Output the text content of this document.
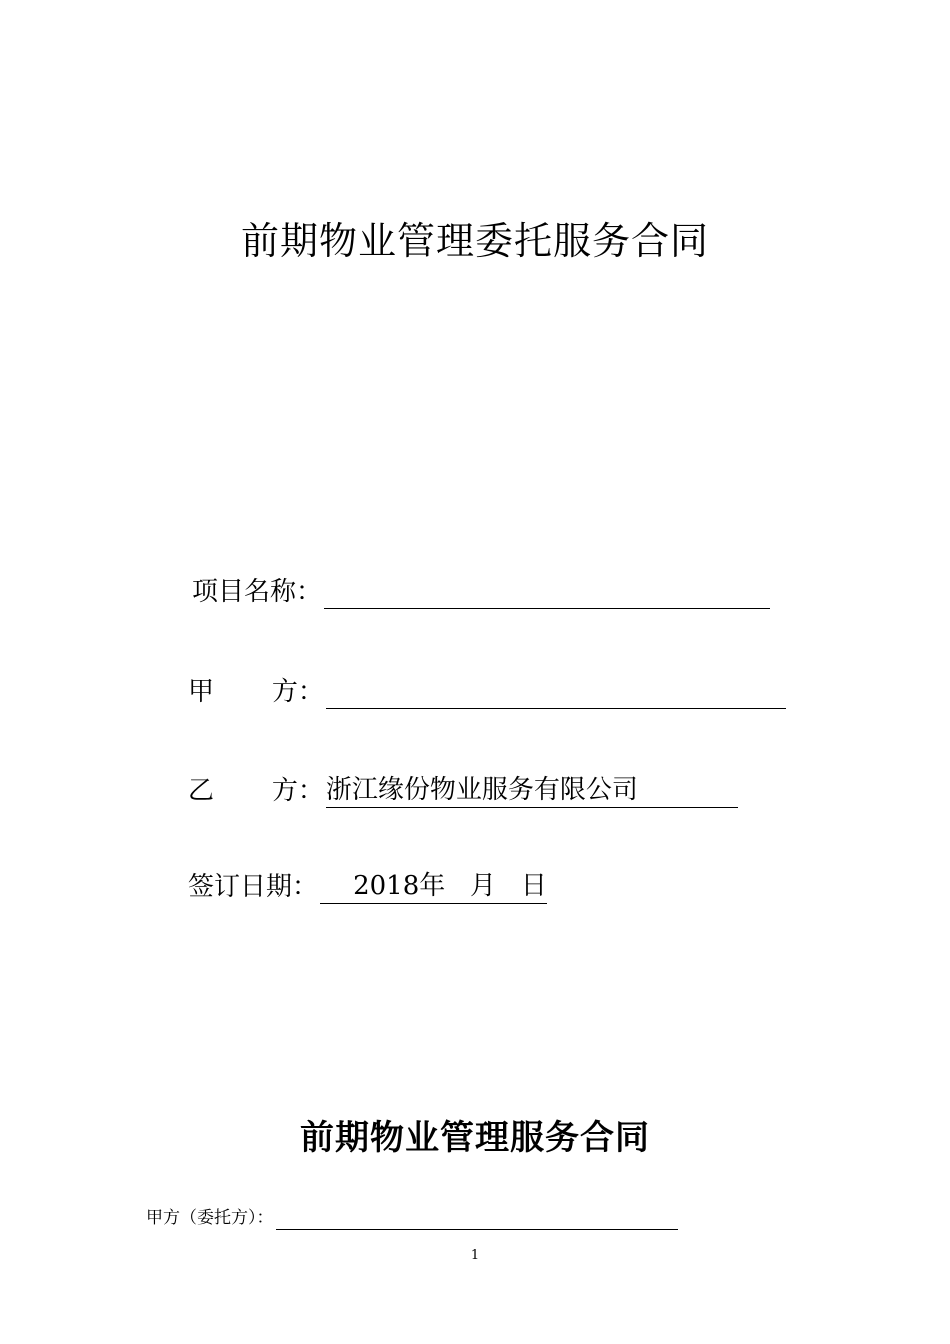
前期物业管理委托服务合同
项目名称：
甲       方：
乙       方： 浙江缘份物业服务有限公司
签订日期： 2018 年 月 日
前期物业管理服务合同
甲方（委托方）：
1
